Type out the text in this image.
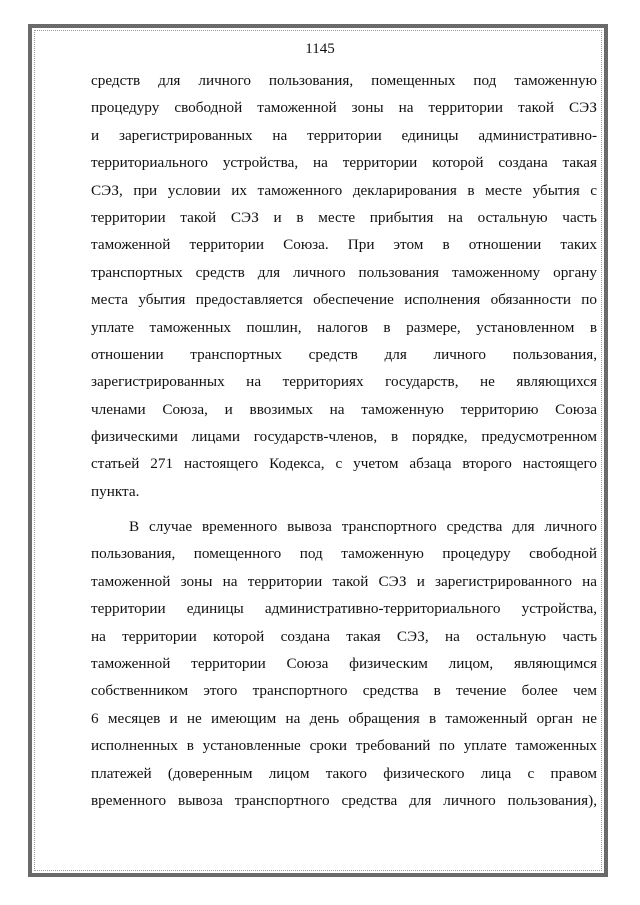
1145
средств для личного пользования, помещенных под таможенную
процедуру свободной таможенной зоны на территории такой СЭЗ
и зарегистрированных на территории единицы административно-
территориального устройства, на территории которой создана такая
СЭЗ, при условии их таможенного декларирования в месте убытия с
территории такой СЭЗ и в месте прибытия на остальную часть
таможенной территории Союза. При этом в отношении таких
транспортных средств для личного пользования таможенному органу
места убытия предоставляется обеспечение исполнения обязанности по
уплате таможенных пошлин, налогов в размере, установленном в
отношении транспортных средств для личного пользования,
зарегистрированных на территориях государств, не являющихся
членами Союза, и ввозимых на таможенную территорию Союза
физическими лицами государств-членов, в порядке, предусмотренном
статьей 271 настоящего Кодекса, с учетом абзаца второго настоящего
пункта.
В случае временного вывоза транспортного средства для личного
пользования, помещенного под таможенную процедуру свободной
таможенной зоны на территории такой СЭЗ и зарегистрированного на
территории единицы административно-территориального устройства,
на территории которой создана такая СЭЗ, на остальную часть
таможенной территории Союза физическим лицом, являющимся
собственником этого транспортного средства в течение более чем
6 месяцев и не имеющим на день обращения в таможенный орган не
исполненных в установленные сроки требований по уплате таможенных
платежей (доверенным лицом такого физического лица с правом
временного вывоза транспортного средства для личного пользования),
